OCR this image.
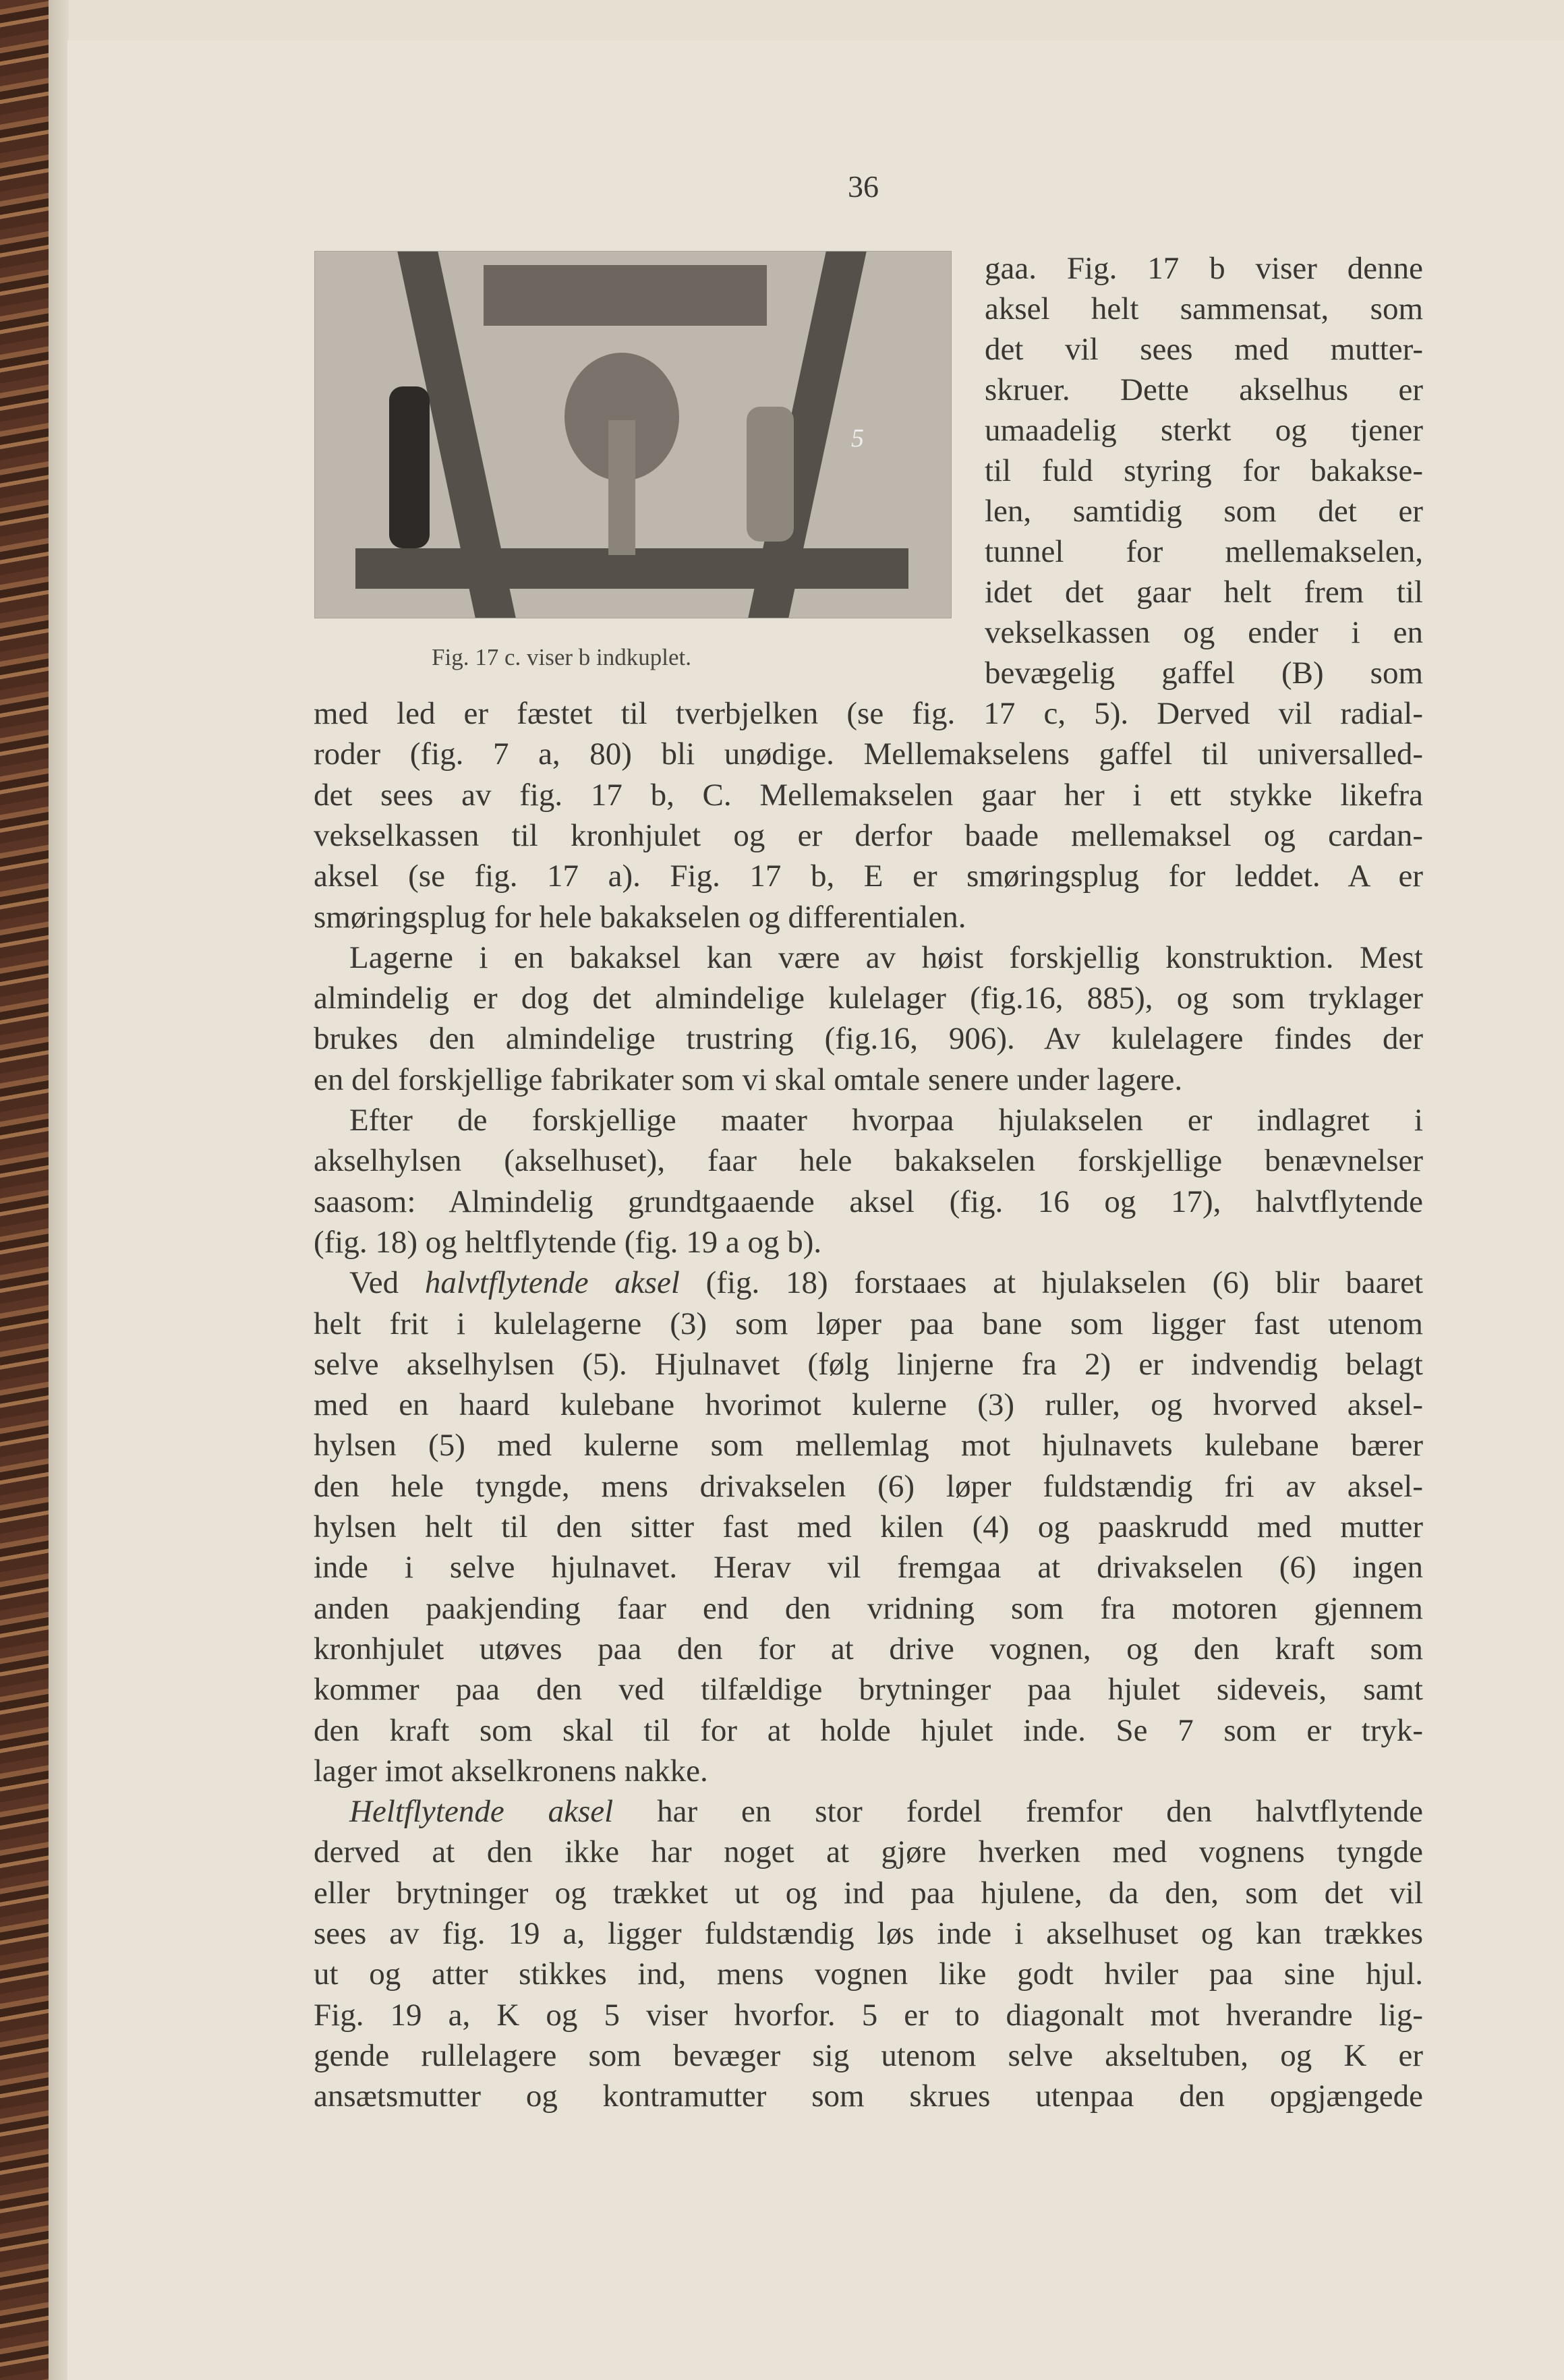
36
5
Fig. 17 c. viser b indkuplet.
gaa. Fig. 17 b viser denne
aksel helt sammensat, som
det vil sees med mutter-
skruer. Dette akselhus er
umaadelig sterkt og tjener
til fuld styring for bakakse-
len, samtidig som det er
tunnel for mellemakselen,
idet det gaar helt frem til
vekselkassen og ender i en
bevægelig gaffel (B) som
med led er fæstet til tverbjelken (se fig. 17 c, 5). Derved vil radial-
roder (fig. 7 a, 80) bli unødige. Mellemakselens gaffel til universalled-
det sees av fig. 17 b, C. Mellemakselen gaar her i ett stykke likefra
vekselkassen til kronhjulet og er derfor baade mellemaksel og cardan-
aksel (se fig. 17 a). Fig. 17 b, E er smøringsplug for leddet. A er
smøringsplug for hele bakakselen og differentialen.
Lagerne i en bakaksel kan være av høist forskjellig konstruktion. Mest
almindelig er dog det almindelige kulelager (fig.16, 885), og som tryklager
brukes den almindelige trustring (fig.16, 906). Av kulelagere findes der
en del forskjellige fabrikater som vi skal omtale senere under lagere.
Efter de forskjellige maater hvorpaa hjulakselen er indlagret i
akselhylsen (akselhuset), faar hele bakakselen forskjellige benævnelser
saasom: Almindelig grundtgaaende aksel (fig. 16 og 17), halvtflytende
(fig. 18) og heltflytende (fig. 19 a og b).
Ved halvtflytende aksel (fig. 18) forstaaes at hjulakselen (6) blir baaret
helt frit i kulelagerne (3) som løper paa bane som ligger fast utenom
selve akselhylsen (5). Hjulnavet (følg linjerne fra 2) er indvendig belagt
med en haard kulebane hvorimot kulerne (3) ruller, og hvorved aksel-
hylsen (5) med kulerne som mellemlag mot hjulnavets kulebane bærer
den hele tyngde, mens drivakselen (6) løper fuldstændig fri av aksel-
hylsen helt til den sitter fast med kilen (4) og paaskrudd med mutter
inde i selve hjulnavet. Herav vil fremgaa at drivakselen (6) ingen
anden paakjending faar end den vridning som fra motoren gjennem
kronhjulet utøves paa den for at drive vognen, og den kraft som
kommer paa den ved tilfældige brytninger paa hjulet sideveis, samt
den kraft som skal til for at holde hjulet inde. Se 7 som er tryk-
lager imot akselkronens nakke.
Heltflytende aksel har en stor fordel fremfor den halvtflytende
derved at den ikke har noget at gjøre hverken med vognens tyngde
eller brytninger og trækket ut og ind paa hjulene, da den, som det vil
sees av fig. 19 a, ligger fuldstændig løs inde i akselhuset og kan trækkes
ut og atter stikkes ind, mens vognen like godt hviler paa sine hjul.
Fig. 19 a, K og 5 viser hvorfor. 5 er to diagonalt mot hverandre lig-
gende rullelagere som bevæger sig utenom selve akseltuben, og K er
ansætsmutter og kontramutter som skrues utenpaa den opgjængede
